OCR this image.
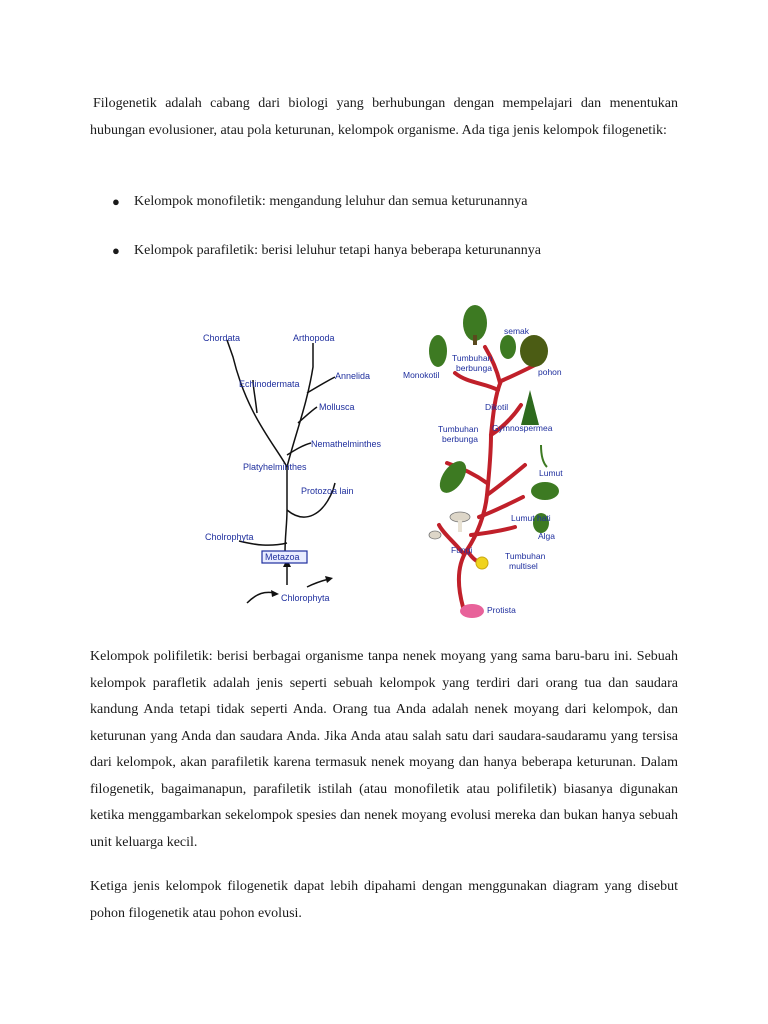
Filogenetik adalah cabang dari biologi yang berhubungan dengan mempelajari dan menentukan hubungan evolusioner, atau pola keturunan, kelompok organisme. Ada tiga jenis kelompok filogenetik:

●	Kelompok monofiletik: mengandung leluhur dan semua keturunannya
●	Kelompok parafiletik: berisi leluhur tetapi hanya beberapa keturunannya
Chordata	Arthopoda
Annelida
Echinodermata
Mollusca
Nemathelminthes
Platyhelminthes
Protozoa lain
Cholrophyta
Metazoa
Chlorophyta
semak
Tumbuhan
berbunga
Monokotil	pohon
Dikotil
Tumbuhan
berbunga
Gymnospermea
Lumut
Lumut hati
Alga
Fungi
Tumbuhan
multisel
Protista

Kelompok polifiletik: berisi berbagai organisme tanpa nenek moyang yang sama baru-baru ini. Sebuah kelompok parafletik adalah jenis seperti sebuah kelompok yang terdiri dari orang tua dan saudara kandung Anda tetapi tidak seperti Anda. Orang tua Anda adalah nenek moyang dari kelompok, dan keturunan yang Anda dan saudara Anda. Jika Anda atau salah satu dari saudara-saudaramu yang tersisa dari kelompok, akan parafiletik karena termasuk nenek moyang dan hanya beberapa keturunan. Dalam filogenetik, bagaimanapun, parafiletik istilah (atau monofiletik atau polifiletik) biasanya digunakan ketika menggambarkan sekelompok spesies dan nenek moyang evolusi mereka dan bukan hanya sebuah unit keluarga kecil.

Ketiga jenis kelompok filogenetik dapat lebih dipahami dengan menggunakan diagram yang disebut pohon filogenetik atau pohon evolusi.
